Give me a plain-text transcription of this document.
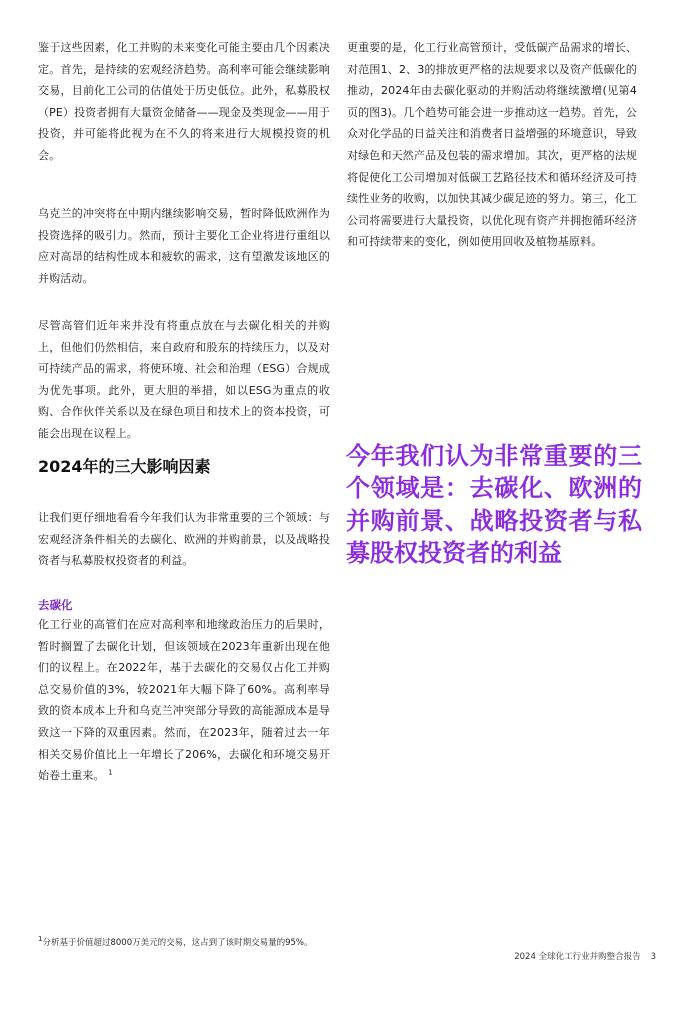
鉴于这些因素，化工并购的未来变化可能主要由几个因素决定。首先，是持续的宏观经济趋势。高利率可能会继续影响交易，目前化工公司的估值处于历史低位。此外，私募股权（PE）投资者拥有大量资金储备——现金及类现金——用于投资，并可能将此视为在不久的将来进行大规模投资的机会。

乌克兰的冲突将在中期内继续影响交易，暂时降低欧洲作为投资选择的吸引力。然而，预计主要化工企业将进行重组以应对高昂的结构性成本和疲软的需求，这有望激发该地区的并购活动。

尽管高管们近年来并没有将重点放在与去碳化相关的并购上，但他们仍然相信，来自政府和股东的持续压力，以及对可持续产品的需求，将使环境、社会和治理（ESG）合规成为优先事项。此外，更大胆的举措，如以ESG为重点的收购、合作伙伴关系以及在绿色项目和技术上的资本投资，可能会出现在议程上。

2024年的三大影响因素

让我们更仔细地看看今年我们认为非常重要的三个领域：与宏观经济条件相关的去碳化、欧洲的并购前景，以及战略投资者与私募股权投资者的利益。

去碳化

化工行业的高管们在应对高利率和地缘政治压力的后果时，暂时搁置了去碳化计划，但该领域在2023年重新出现在他们的议程上。在2022年，基于去碳化的交易仅占化工并购总交易价值的3%，较2021年大幅下降了60%。高利率导致的资本成本上升和乌克兰冲突部分导致的高能源成本是导致这一下降的双重因素。然而，在2023年，随着过去一年相关交易价值比上一年增长了206%，去碳化和环境交易开始卷土重来。 $^1$

更重要的是，化工行业高管预计，受低碳产品需求的增长、对范围1、2、3的排放更严格的法规要求以及资产低碳化的推动，2024年由去碳化驱动的并购活动将继续激增(见第4页的图3)。几个趋势可能会进一步推动这一趋势。首先，公众对化学品的日益关注和消费者日益增强的环境意识，导致对绿色和天然产品及包装的需求增加。其次，更严格的法规将促使化工公司增加对低碳工艺路径技术和循环经济及可持续性业务的收购，以加快其减少碳足迹的努力。第三，化工公司将需要进行大量投资，以优化现有资产并拥抱循环经济和可持续带来的变化，例如使用回收及植物基原料。

今年我们认为非常重要的三个领域是：去碳化、欧洲的并购前景、战略投资者与私募股权投资者的利益

$^1$分析基于价值超过8000万美元的交易，这占到了该时期交易量的95%。

2024 全球化工行业并购整合报告 3
